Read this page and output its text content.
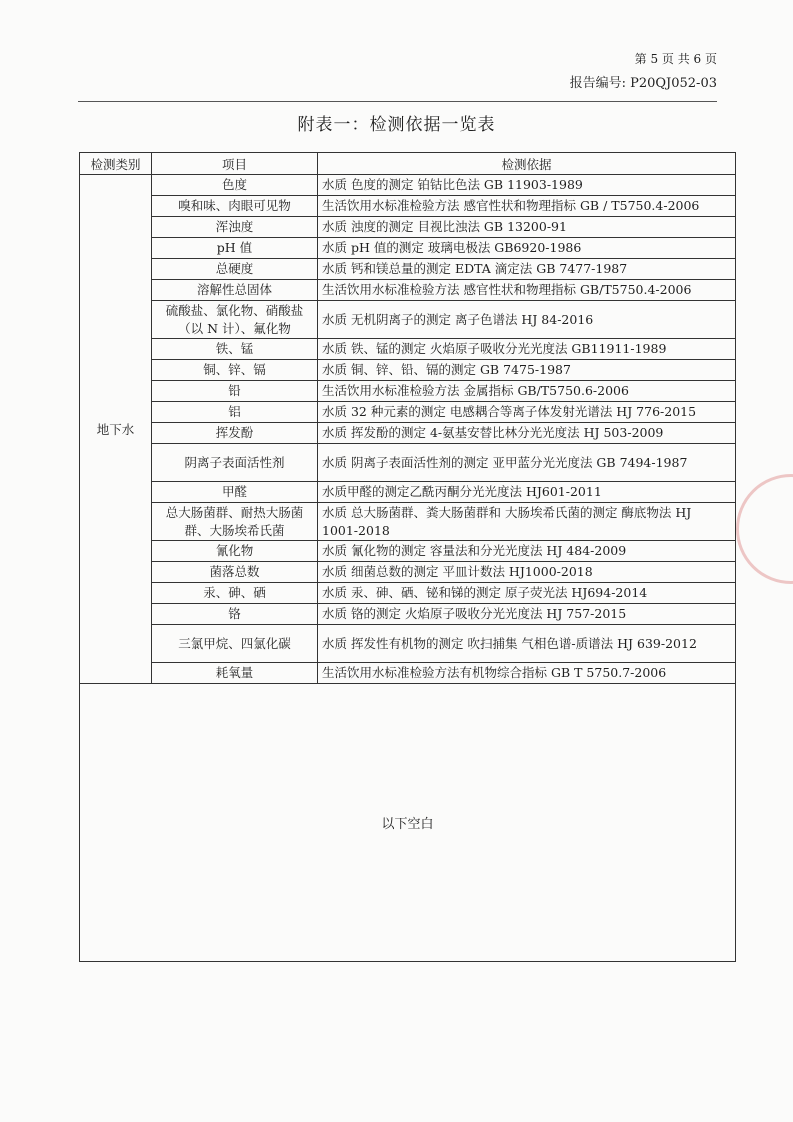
第 5 页 共 6 页
报告编号: P20QJ052-03
附表一：检测依据一览表
检测类别	项目	检测依据
地下水	色度	水质 色度的测定 铂钴比色法 GB 11903-1989
	嗅和味、肉眼可见物	生活饮用水标准检验方法 感官性状和物理指标 GB / T5750.4-2006
	浑浊度	水质 浊度的测定 目视比浊法 GB 13200-91
	pH 值	水质 pH 值的测定 玻璃电极法 GB6920-1986
	总硬度	水质 钙和镁总量的测定 EDTA 滴定法 GB 7477-1987
	溶解性总固体	生活饮用水标准检验方法 感官性状和物理指标 GB/T5750.4-2006
	硫酸盐、氯化物、硝酸盐（以 N 计）、氟化物	水质 无机阴离子的测定 离子色谱法 HJ 84-2016
	铁、锰	水质 铁、锰的测定 火焰原子吸收分光光度法 GB11911-1989
	铜、锌、镉	水质 铜、锌、铅、镉的测定 GB 7475-1987
	铅	生活饮用水标准检验方法 金属指标 GB/T5750.6-2006
	铝	水质 32 种元素的测定 电感耦合等离子体发射光谱法 HJ 776-2015
	挥发酚	水质 挥发酚的测定 4-氨基安替比林分光光度法 HJ 503-2009
	阴离子表面活性剂	水质 阴离子表面活性剂的测定 亚甲蓝分光光度法 GB 7494-1987
	甲醛	水质甲醛的测定乙酰丙酮分光光度法 HJ601-2011
	总大肠菌群、耐热大肠菌群、大肠埃希氏菌	水质 总大肠菌群、粪大肠菌群和 大肠埃希氏菌的测定 酶底物法 HJ 1001-2018
	氰化物	水质 氰化物的测定 容量法和分光光度法 HJ 484-2009
	菌落总数	水质 细菌总数的测定 平皿计数法 HJ1000-2018
	汞、砷、硒	水质 汞、砷、硒、铋和锑的测定 原子荧光法 HJ694-2014
	铬	水质 铬的测定 火焰原子吸收分光光度法 HJ 757-2015
	三氯甲烷、四氯化碳	水质 挥发性有机物的测定 吹扫捕集 气相色谱-质谱法 HJ 639-2012
	耗氧量	生活饮用水标准检验方法有机物综合指标 GB T 5750.7-2006
以下空白		
